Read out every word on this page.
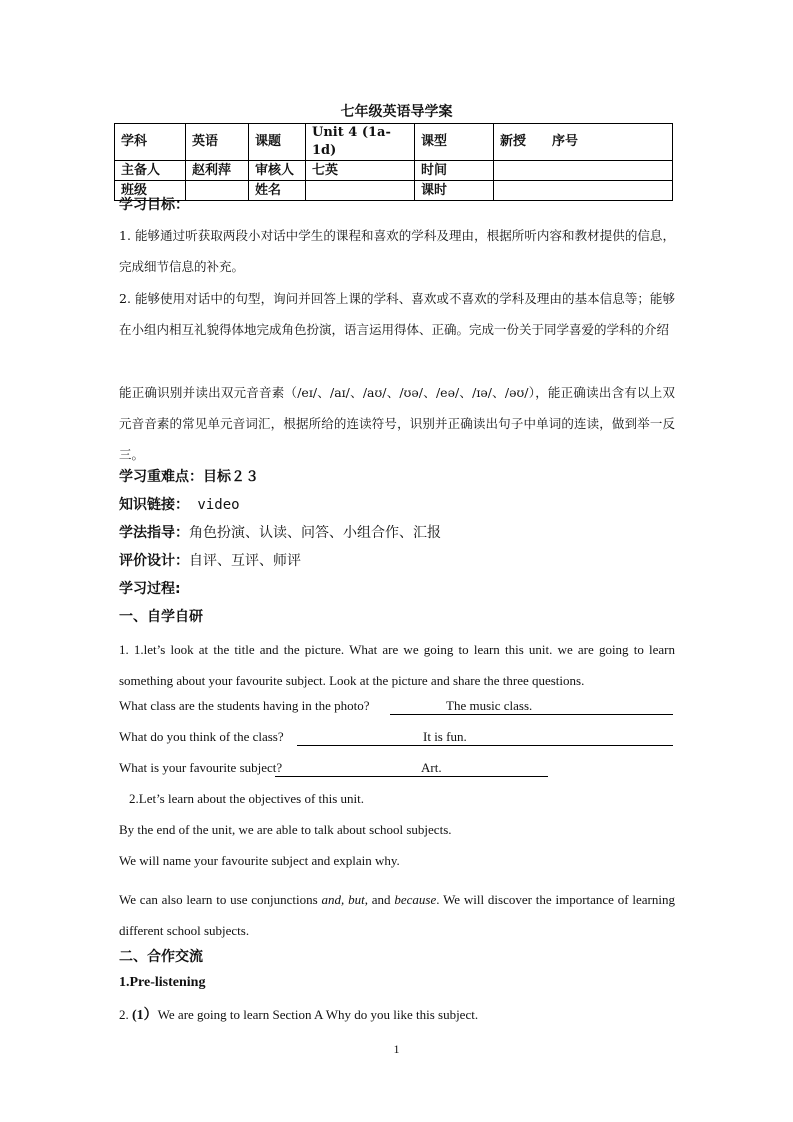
七年级英语导学案
学科	英语	课题	Unit 4 (1a-1d)	课型	新授 序号
主备人	赵利萍	审核人	七英	时间	
班级		姓名		课时	
学习目标：
1. 能够通过听获取两段小对话中学生的课程和喜欢的学科及理由，根据所听内容和教材提供的信息，完成细节信息的补充。
2. 能够使用对话中的句型，询问并回答上课的学科、喜欢或不喜欢的学科及理由的基本信息等；能够在小组内相互礼貌得体地完成角色扮演，语言运用得体、正确。完成一份关于同学喜爱的学科的介绍
能正确识别并读出双元音音素（/eɪ/、/aɪ/、/aʊ/、/ʊə/、/eə/、/ɪə/、/əʊ/），能正确读出含有以上双元音音素的常见单元音词汇，根据所给的连读符号，识别并正确读出句子中单词的连读，做到举一反三。
学习重难点：目标２３
知识链接： video
学法指导：角色扮演、认读、问答、小组合作、汇报
评价设计：自评、互评、师评
学习过程:
一、自学自研
1. 1.let’s look at the title and the picture. What are we going to learn this unit. we are going to learn something about your favourite subject. Look at the picture and share the three questions.
What class are the students having in the photo?	The music class.
What do you think of the class?	It is fun.
What is your favourite subject?	Art.
2.Let’s learn about the objectives of this unit.
By the end of the unit, we are able to talk about school subjects.
We will name your favourite subject and explain why.
We can also learn to use conjunctions and, but, and because. We will discover the importance of learning different school subjects.
二、合作交流
1.Pre-listening
2. (1）We are going to learn Section A Why do you like this subject.
1
